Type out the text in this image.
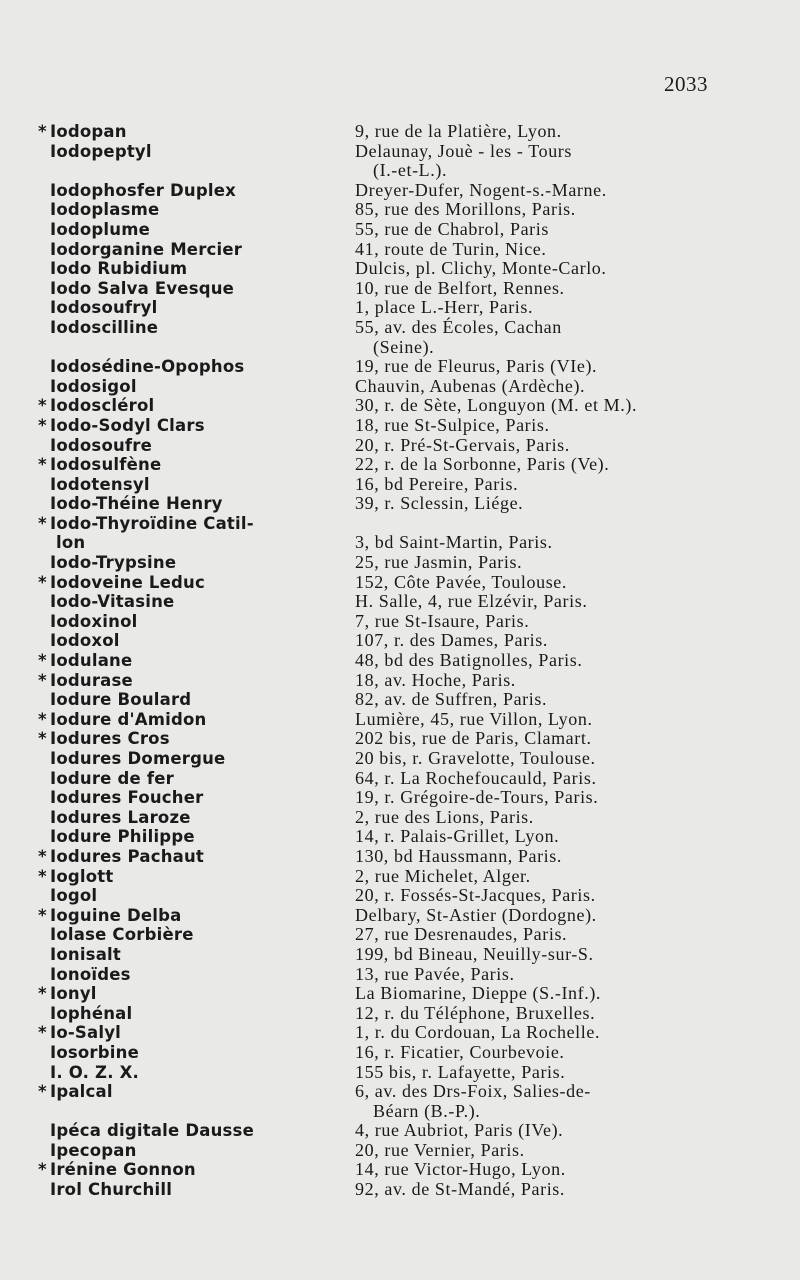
2033
* Iodopan	9, rue de la Platière, Lyon.
Iodopeptyl	Delaunay, Jouè - les - Tours
(I.-et-L.).
Iodophosfer Duplex	Dreyer-Dufer, Nogent-s.-Marne.
Iodoplasme	85, rue des Morillons, Paris.
Iodoplume	55, rue de Chabrol, Paris
Iodorganine Mercier	41, route de Turin, Nice.
Iodo Rubidium	Dulcis, pl. Clichy, Monte-Carlo.
Iodo Salva Evesque	10, rue de Belfort, Rennes.
Iodosoufryl	1, place L.-Herr, Paris.
Iodoscilline	55, av. des Écoles, Cachan
(Seine).
Iodosédine-Opophos	19, rue de Fleurus, Paris (VIe).
Iodosigol	Chauvin, Aubenas (Ardèche).
* Iodosclérol	30, r. de Sète, Longuyon (M. et M.).
* Iodo-Sodyl Clars	18, rue St-Sulpice, Paris.
Iodosoufre	20, r. Pré-St-Gervais, Paris.
* Iodosulfène	22, r. de la Sorbonne, Paris (Ve).
Iodotensyl	16, bd Pereire, Paris.
Iodo-Théine Henry	39, r. Sclessin, Liége.
* Iodo-Thyroïdine Catil-
lon	3, bd Saint-Martin, Paris.
Iodo-Trypsine	25, rue Jasmin, Paris.
* Iodoveine Leduc	152, Côte Pavée, Toulouse.
Iodo-Vitasine	H. Salle, 4, rue Elzévir, Paris.
Iodoxinol	7, rue St-Isaure, Paris.
Iodoxol	107, r. des Dames, Paris.
* Iodulane	48, bd des Batignolles, Paris.
* Iodurase	18, av. Hoche, Paris.
Iodure Boulard	82, av. de Suffren, Paris.
* Iodure d'Amidon	Lumière, 45, rue Villon, Lyon.
* Iodures Cros	202 bis, rue de Paris, Clamart.
Iodures Domergue	20 bis, r. Gravelotte, Toulouse.
Iodure de fer	64, r. La Rochefoucauld, Paris.
Iodures Foucher	19, r. Grégoire-de-Tours, Paris.
Iodures Laroze	2, rue des Lions, Paris.
Iodure Philippe	14, r. Palais-Grillet, Lyon.
* Iodures Pachaut	130, bd Haussmann, Paris.
* Ioglott	2, rue Michelet, Alger.
Iogol	20, r. Fossés-St-Jacques, Paris.
* Ioguine Delba	Delbary, St-Astier (Dordogne).
Iolase Corbière	27, rue Desrenaudes, Paris.
Ionisalt	199, bd Bineau, Neuilly-sur-S.
Ionoïdes	13, rue Pavée, Paris.
* Ionyl	La Biomarine, Dieppe (S.-Inf.).
Iophénal	12, r. du Téléphone, Bruxelles.
* Io-Salyl	1, r. du Cordouan, La Rochelle.
Iosorbine	16, r. Ficatier, Courbevoie.
I. O. Z. X.	155 bis, r. Lafayette, Paris.
* Ipalcal	6, av. des Drs-Foix, Salies-de-
Béarn (B.-P.).
Ipéca digitale Dausse	4, rue Aubriot, Paris (IVe).
Ipecopan	20, rue Vernier, Paris.
* Irénine Gonnon	14, rue Victor-Hugo, Lyon.
Irol Churchill	92, av. de St-Mandé, Paris.
